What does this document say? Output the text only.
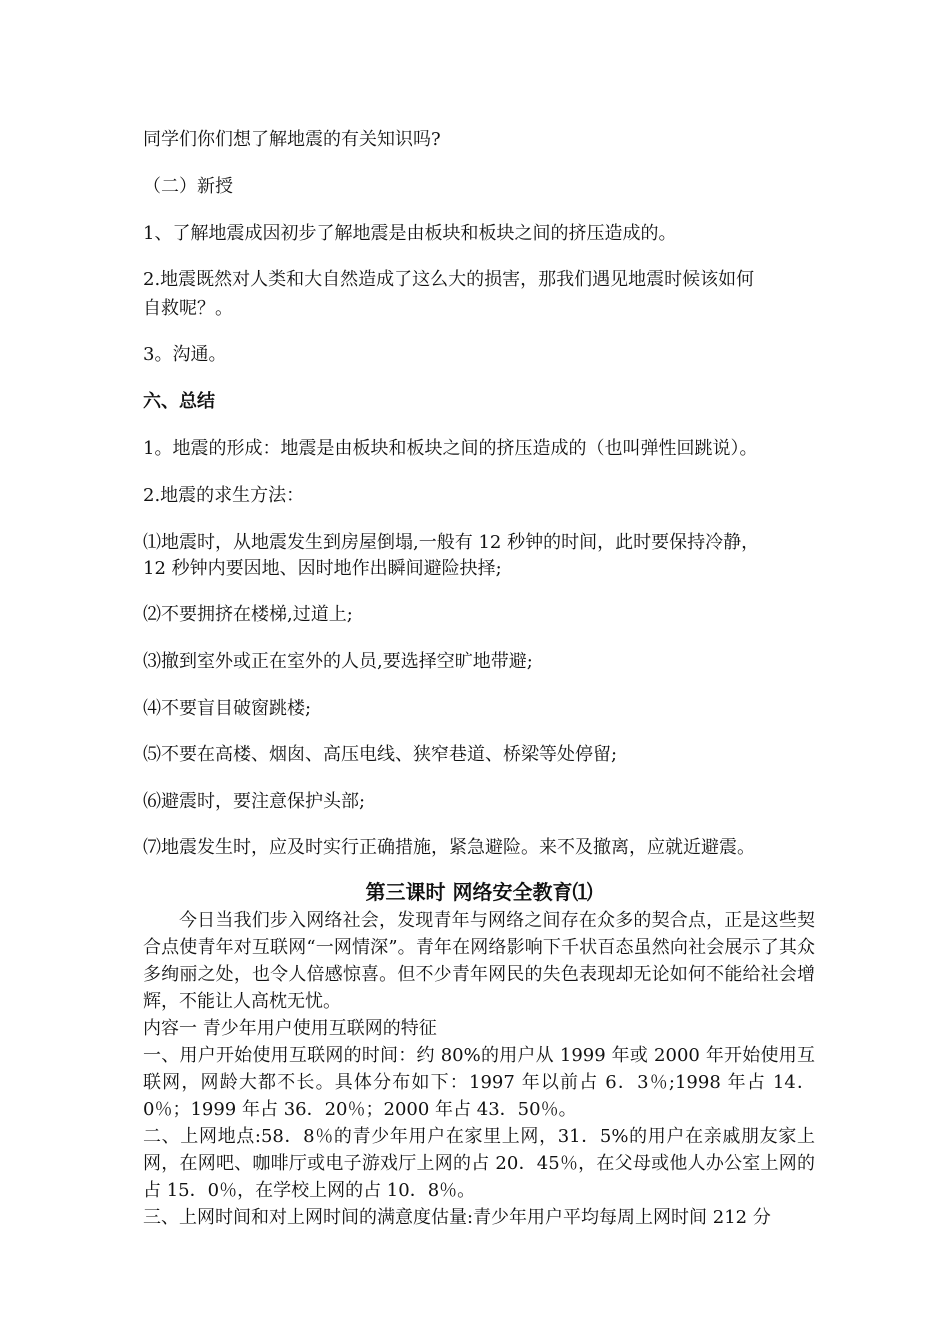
同学们你们想了解地震的有关知识吗?
（二）新授
1、了解地震成因初步了解地震是由板块和板块之间的挤压造成的。
2.地震既然对人类和大自然造成了这么大的损害，那我们遇见地震时候该如何
自救呢？。
3。沟通。
六、总结
1。地震的形成：地震是由板块和板块之间的挤压造成的（也叫弹性回跳说）。
2.地震的求生方法：
⑴地震时，从地震发生到房屋倒塌,一般有 12 秒钟的时间，此时要保持冷静，
12 秒钟内要因地、因时地作出瞬间避险抉择;
⑵不要拥挤在楼梯,过道上;
⑶撤到室外或正在室外的人员,要选择空旷地带避;
⑷不要盲目破窗跳楼;
⑸不要在高楼、烟囱、高压电线、狭窄巷道、桥梁等处停留;
⑹避震时，要注意保护头部;
⑺地震发生时，应及时实行正确措施，紧急避险。来不及撤离，应就近避震。
第三课时 网络安全教育⑴
今日当我们步入网络社会，发现青年与网络之间存在众多的契合点，正是这些契合点使青年对互联网“一网情深”。青年在网络影响下千状百态虽然向社会展示了其众多绚丽之处，也令人倍感惊喜。但不少青年网民的失色表现却无论如何不能给社会增辉，不能让人高枕无忧。
内容一 青少年用户使用互联网的特征
一、用户开始使用互联网的时间：约 80%的用户从 1999 年或 2000 年开始使用互联网，网龄大都不长。具体分布如下：1997 年以前占 6．3％;1998 年占 14．0％；1999 年占 36．20％；2000 年占 43．50％。
二、上网地点:58．8％的青少年用户在家里上网，31．5%的用户在亲戚朋友家上网，在网吧、咖啡厅或电子游戏厅上网的占 20．45％，在父母或他人办公室上网的占 15．0％，在学校上网的占 10．8％。
三、上网时间和对上网时间的满意度估量:青少年用户平均每周上网时间 212 分
